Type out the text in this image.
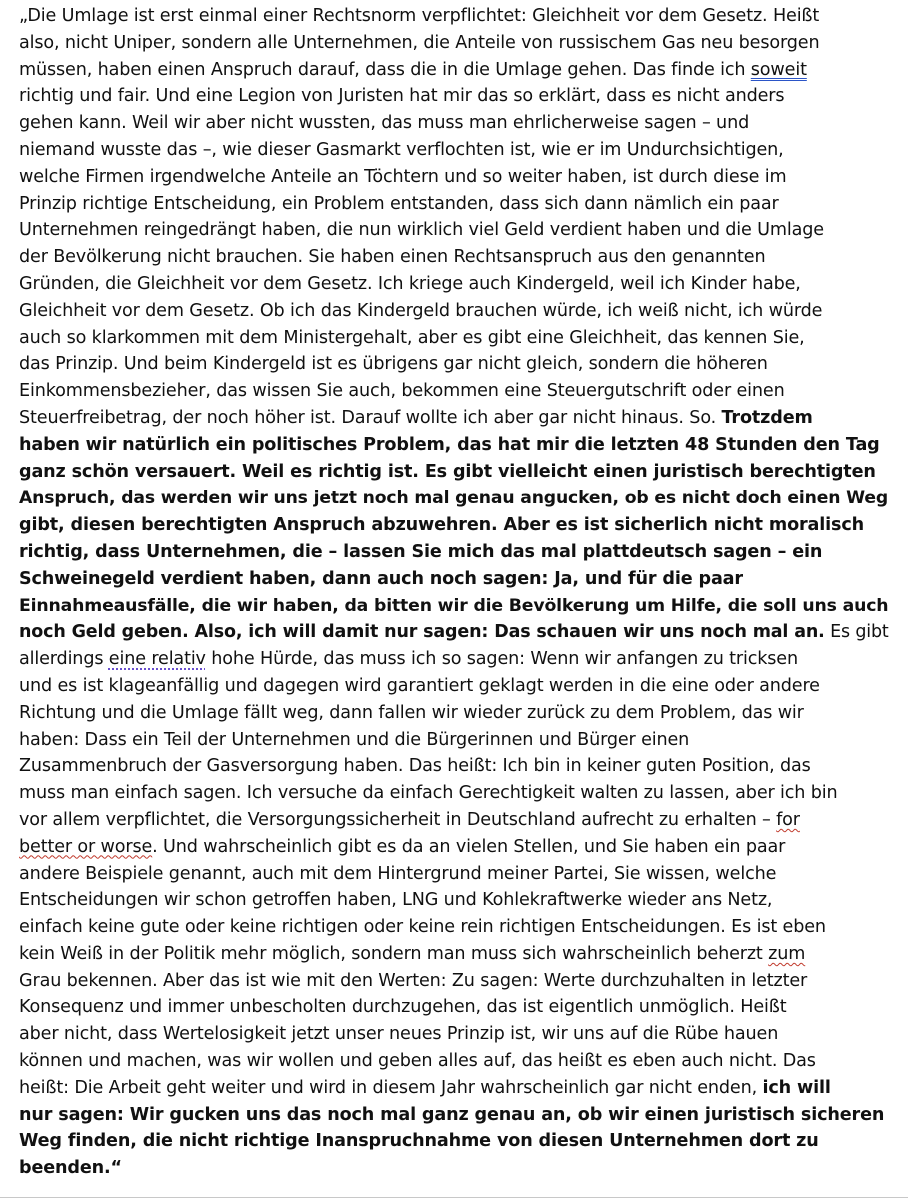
„Die Umlage ist erst einmal einer Rechtsnorm verpflichtet: Gleichheit vor dem Gesetz. Heißt
also, nicht Uniper, sondern alle Unternehmen, die Anteile von russischem Gas neu besorgen
müssen, haben einen Anspruch darauf, dass die in die Umlage gehen. Das finde ich soweit
richtig und fair. Und eine Legion von Juristen hat mir das so erklärt, dass es nicht anders
gehen kann. Weil wir aber nicht wussten, das muss man ehrlicherweise sagen – und
niemand wusste das –, wie dieser Gasmarkt verflochten ist, wie er im Undurchsichtigen,
welche Firmen irgendwelche Anteile an Töchtern und so weiter haben, ist durch diese im
Prinzip richtige Entscheidung, ein Problem entstanden, dass sich dann nämlich ein paar
Unternehmen reingedrängt haben, die nun wirklich viel Geld verdient haben und die Umlage
der Bevölkerung nicht brauchen. Sie haben einen Rechtsanspruch aus den genannten
Gründen, die Gleichheit vor dem Gesetz. Ich kriege auch Kindergeld, weil ich Kinder habe,
Gleichheit vor dem Gesetz. Ob ich das Kindergeld brauchen würde, ich weiß nicht, ich würde
auch so klarkommen mit dem Ministergehalt, aber es gibt eine Gleichheit, das kennen Sie,
das Prinzip. Und beim Kindergeld ist es übrigens gar nicht gleich, sondern die höheren
Einkommensbezieher, das wissen Sie auch, bekommen eine Steuergutschrift oder einen
Steuerfreibetrag, der noch höher ist. Darauf wollte ich aber gar nicht hinaus. So. Trotzdem
haben wir natürlich ein politisches Problem, das hat mir die letzten 48 Stunden den Tag
ganz schön versauert. Weil es richtig ist. Es gibt vielleicht einen juristisch berechtigten
Anspruch, das werden wir uns jetzt noch mal genau angucken, ob es nicht doch einen Weg
gibt, diesen berechtigten Anspruch abzuwehren. Aber es ist sicherlich nicht moralisch
richtig, dass Unternehmen, die – lassen Sie mich das mal plattdeutsch sagen – ein
Schweinegeld verdient haben, dann auch noch sagen: Ja, und für die paar
Einnahmeausfälle, die wir haben, da bitten wir die Bevölkerung um Hilfe, die soll uns auch
noch Geld geben. Also, ich will damit nur sagen: Das schauen wir uns noch mal an. Es gibt
allerdings eine relativ hohe Hürde, das muss ich so sagen: Wenn wir anfangen zu tricksen
und es ist klageanfällig und dagegen wird garantiert geklagt werden in die eine oder andere
Richtung und die Umlage fällt weg, dann fallen wir wieder zurück zu dem Problem, das wir
haben: Dass ein Teil der Unternehmen und die Bürgerinnen und Bürger einen
Zusammenbruch der Gasversorgung haben. Das heißt: Ich bin in keiner guten Position, das
muss man einfach sagen. Ich versuche da einfach Gerechtigkeit walten zu lassen, aber ich bin
vor allem verpflichtet, die Versorgungssicherheit in Deutschland aufrecht zu erhalten – for
better or worse. Und wahrscheinlich gibt es da an vielen Stellen, und Sie haben ein paar
andere Beispiele genannt, auch mit dem Hintergrund meiner Partei, Sie wissen, welche
Entscheidungen wir schon getroffen haben, LNG und Kohlekraftwerke wieder ans Netz,
einfach keine gute oder keine richtigen oder keine rein richtigen Entscheidungen. Es ist eben
kein Weiß in der Politik mehr möglich, sondern man muss sich wahrscheinlich beherzt zum
Grau bekennen. Aber das ist wie mit den Werten: Zu sagen: Werte durchzuhalten in letzter
Konsequenz und immer unbescholten durchzugehen, das ist eigentlich unmöglich. Heißt
aber nicht, dass Wertelosigkeit jetzt unser neues Prinzip ist, wir uns auf die Rübe hauen
können und machen, was wir wollen und geben alles auf, das heißt es eben auch nicht. Das
heißt: Die Arbeit geht weiter und wird in diesem Jahr wahrscheinlich gar nicht enden, ich will
nur sagen: Wir gucken uns das noch mal ganz genau an, ob wir einen juristisch sicheren
Weg finden, die nicht richtige Inanspruchnahme von diesen Unternehmen dort zu
beenden.“
